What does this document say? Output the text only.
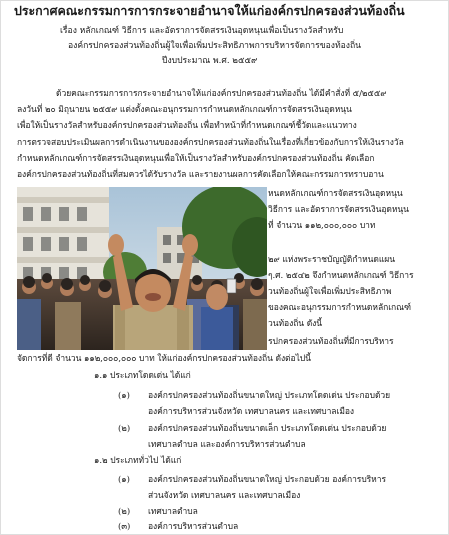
ประกาศคณะกรรมการการกระจายอำนาจให้แก่องค์กรปกครองส่วนท้องถิ่น
เรื่อง หลักเกณฑ์ วิธีการ และอัตราการจัดสรรเงินอุดหนุนเพื่อเป็นรางวัลสำหรับ
องค์กรปกครองส่วนท้องถิ่นผู้ใจเพื่อเพิ่มประสิทธิภาพการบริหารจัดการของท้องถิ่น
ปีงบประมาณ พ.ศ. ๒๕๕๙
ด้วยคณะกรรมการการกระจายอำนาจให้แก่องค์กรปกครองส่วนท้องถิ่น ได้มีคำสั่งที่ ๕/๒๕๕๙
ลงวันที่ ๒๐ มิถุนายน ๒๕๕๙ แต่งตั้งคณะอนุกรรมการกำหนดหลักเกณฑ์การจัดสรรเงินอุดหนุน
เพื่อให้เป็นรางวัลสำหรับองค์กรปกครองส่วนท้องถิ่น เพื่อทำหน้าที่กำหนดเกณฑ์ชี้วัดและแนวทาง
การตรวจสอบประเมินผลการดำเนินงานขององค์กรปกครองส่วนท้องถิ่นในเรื่องที่เกี่ยวข้องกับการให้เงินรางวัล
กำหนดหลักเกณฑ์การจัดสรรเงินอุดหนุนเพื่อให้เป็นรางวัลสำหรับองค์กรปกครองส่วนท้องถิ่น คัดเลือก
องค์กรปกครองส่วนท้องถิ่นที่สมควรได้รับรางวัล และรายงานผลการคัดเลือกให้คณะกรรมการทราบอาน
หนดหลักเกณฑ์การจัดสรรเงินอุดหนุน
วิธีการ และอัตราการจัดสรรเงินอุดหนุน
ที่ จำนวน ๑๑๒,๐๐๐,๐๐๐ บาท
๒๙ แห่งพระราชบัญญัติกำหนดแผน
ๆ.ศ. ๒๕๔๒ จึงกำหนดหลักเกณฑ์ วิธีการ
วนท้องถิ่นผู้ใจเพื่อเพิ่มประสิทธิภาพ
ของคณะอนุกรรมการกำหนดหลักเกณฑ์
วนท้องถิ่น ดังนี้
รปกครองส่วนท้องถิ่นที่มีการบริหาร
จัดการที่ดี จำนวน ๑๑๒,๐๐๐,๐๐๐ บาท ให้แก่องค์กรปกครองส่วนท้องถิ่น ดังต่อไปนี้
๑.๑ ประเภทโดดเด่น ได้แก่
(๑) องค์กรปกครองส่วนท้องถิ่นขนาดใหญ่ ประเภทโดดเด่น ประกอบด้วย
องค์การบริหารส่วนจังหวัด เทศบาลนคร และเทศบาลเมือง
(๒) องค์กรปกครองส่วนท้องถิ่นขนาดเล็ก ประเภทโดดเด่น ประกอบด้วย
เทศบาลตำบล และองค์การบริหารส่วนตำบล
๑.๒ ประเภททั่วไป ได้แก่
(๑) องค์กรปกครองส่วนท้องถิ่นขนาดใหญ่ ประกอบด้วย องค์การบริหาร
ส่วนจังหวัด เทศบาลนคร และเทศบาลเมือง
(๒) เทศบาลตำบล
(๓) องค์การบริหารส่วนตำบล
